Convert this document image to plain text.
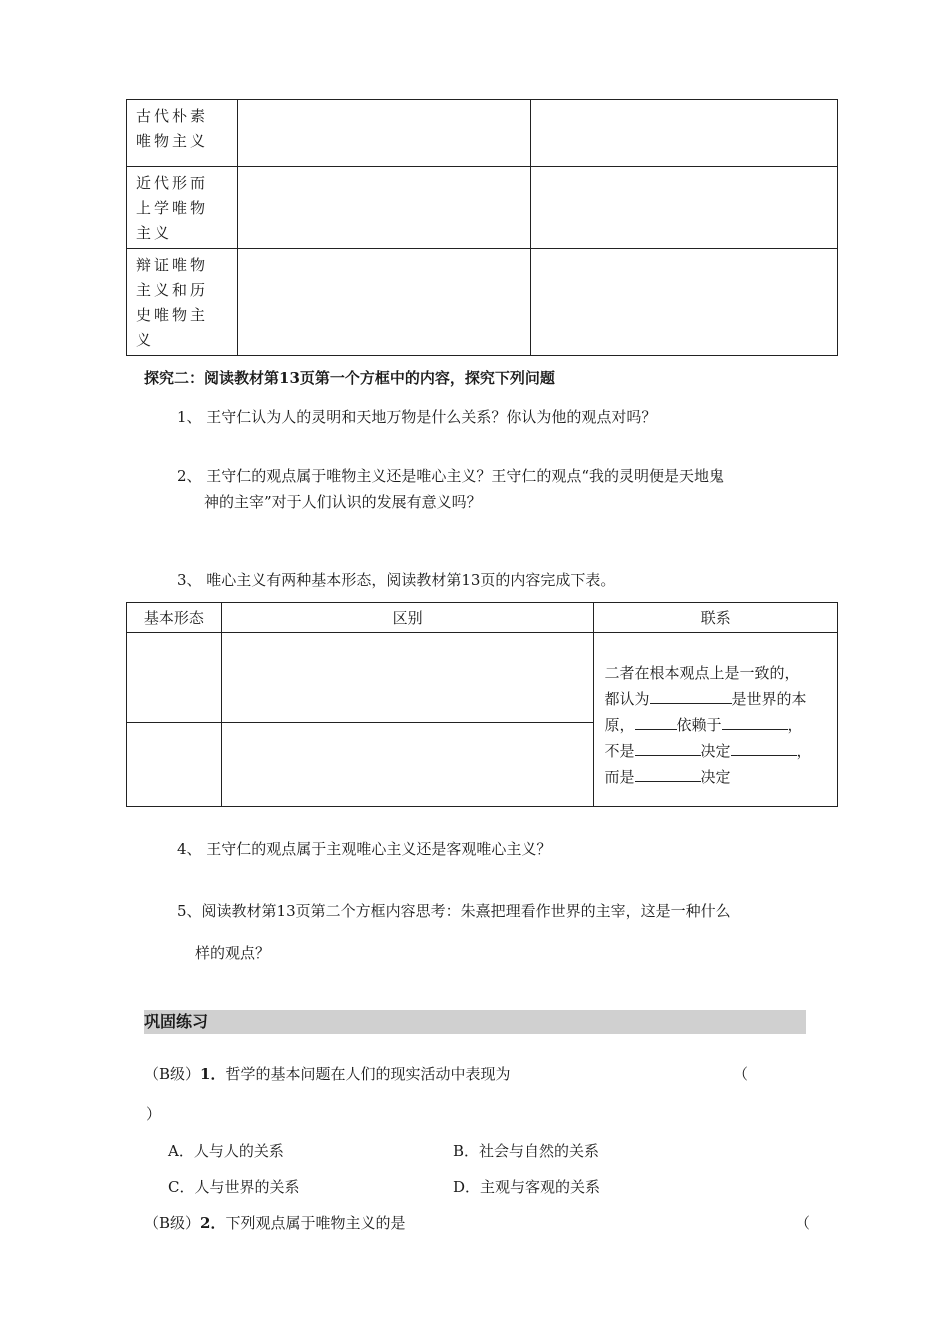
古代朴素
唯物主义		

近代形而
上学唯物
主义		

辩证唯物
主义和历
史唯物主
义		

探究二：阅读教材第13页第一个方框中的内容，探究下列问题
1、 王守仁认为人的灵明和天地万物是什么关系？你认为他的观点对吗？
2、 王守仁的观点属于唯物主义还是唯心主义？王守仁的观点“我的灵明便是天地鬼
神的主宰”对于人们认识的发展有意义吗？
3、 唯心主义有两种基本形态，阅读教材第13页的内容完成下表。
基本形态	区别	联系

		二者在根本观点上是一致的，
都认为 是世界的本
原， 依赖于 ，
不是 决定 ，
而是 决定

4、 王守仁的观点属于主观唯心主义还是客观唯心主义？
5、阅读教材第13页第二个方框内容思考：朱熹把理看作世界的主宰，这是一种什么
样的观点？
巩固练习
（B级）1．哲学的基本问题在人们的现实活动中表现为	（
）
A．人与人的关系	B．社会与自然的关系
C．人与世界的关系	D．主观与客观的关系
（B级）2．下列观点属于唯物主义的是	（
